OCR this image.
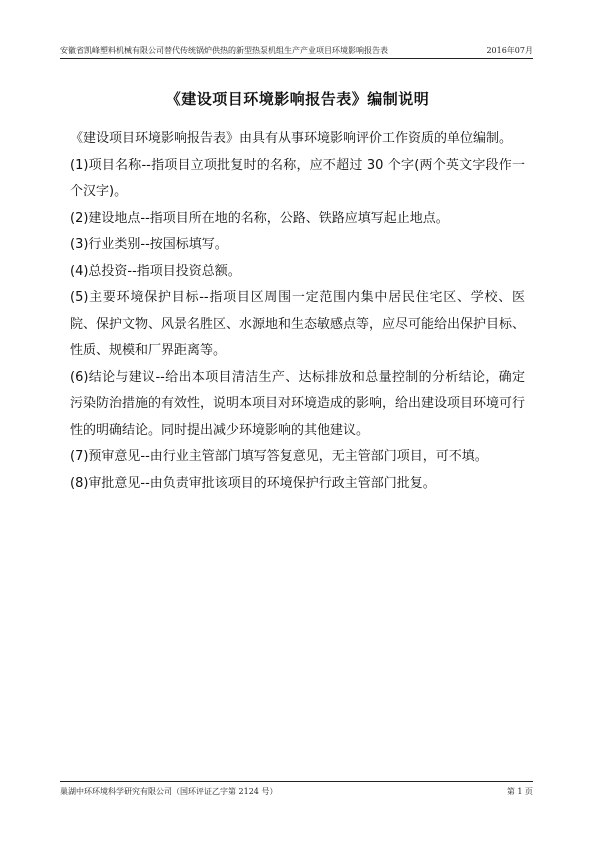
安徽省凯峰塑料机械有限公司替代传统锅炉供热的新型热泵机组生产产业项目环境影响报告表	2016年07月
《建设项目环境影响报告表》编制说明

《建设项目环境影响报告表》由具有从事环境影响评价工作资质的单位编制。

(1)项目名称--指项目立项批复时的名称，应不超过 30 个字(两个英文字段作一个汉字)。

(2)建设地点--指项目所在地的名称，公路、铁路应填写起止地点。

(3)行业类别--按国标填写。

(4)总投资--指项目投资总额。

(5)主要环境保护目标--指项目区周围一定范围内集中居民住宅区、学校、医院、保护文物、风景名胜区、水源地和生态敏感点等，应尽可能给出保护目标、性质、规模和厂界距离等。

(6)结论与建议--给出本项目清洁生产、达标排放和总量控制的分析结论，确定污染防治措施的有效性，说明本项目对环境造成的影响，给出建设项目环境可行性的明确结论。同时提出减少环境影响的其他建议。

(7)预审意见--由行业主管部门填写答复意见，无主管部门项目，可不填。

(8)审批意见--由负责审批该项目的环境保护行政主管部门批复。

巢湖中环环境科学研究有限公司（国环评证乙字第 2124 号）	第 1 页
